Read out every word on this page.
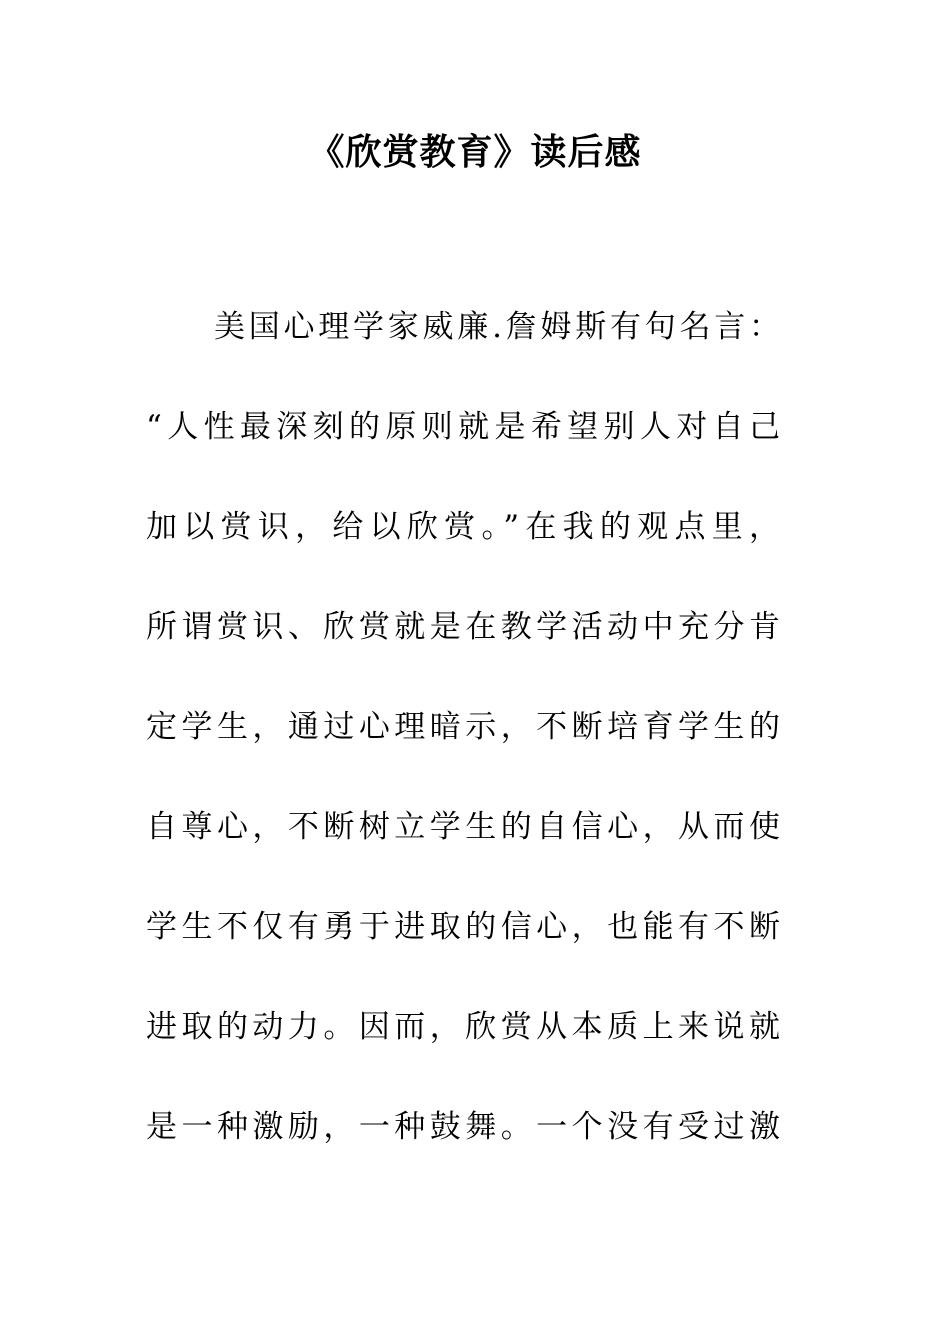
《欣赏教育》读后感
美国心理学家威廉.詹姆斯有句名言：
“人性最深刻的原则就是希望别人对自己
加以赏识，给以欣赏。”在我的观点里，
所谓赏识、欣赏就是在教学活动中充分肯
定学生，通过心理暗示，不断培育学生的
自尊心，不断树立学生的自信心，从而使
学生不仅有勇于进取的信心，也能有不断
进取的动力。因而，欣赏从本质上来说就
是一种激励，一种鼓舞。一个没有受过激
